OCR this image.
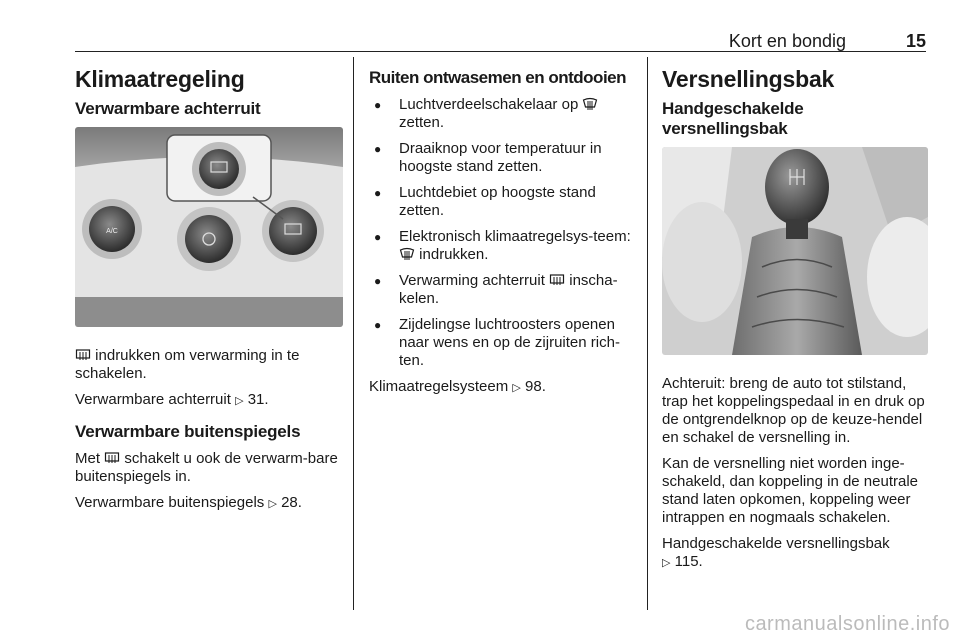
Kort en bondig	15
Klimaatregeling
Verwarmbare achterruit
A/C

indrukken om verwarming in te schakelen.

Verwarmbare achterruit ▷ 31.

Verwarmbare buitenspiegels

Met schakelt u ook de verwarm-bare buitenspiegels in.

Verwarmbare buitenspiegels ▷ 28.

Ruiten ontwasemen en ontdooien
● Luchtverdeelschakelaar op  zetten.
● Draaiknop voor temperatuur in hoogste stand zetten.
● Luchtdebiet op hoogste stand zetten.
● Elektronisch klimaatregelsys-teem:  indrukken.
● Verwarming achterruit inscha-kelen.
● Zijdelingse luchtroosters openen naar wens en op de zijruiten rich-ten.

Klimaatregelsysteem ▷ 98.

Versnellingsbak
Handgeschakelde versnellingsbak

Achteruit: breng de auto tot stilstand, trap het koppelingspedaal in en druk op de ontgrendelknop op de keuze-hendel en schakel de versnelling in.

Kan de versnelling niet worden inge-schakeld, dan koppeling in de neutrale stand laten opkomen, koppeling weer intrappen en nogmaals schakelen.

Handgeschakelde versnellingsbak
▷ 115.

carmanualsonline.info
